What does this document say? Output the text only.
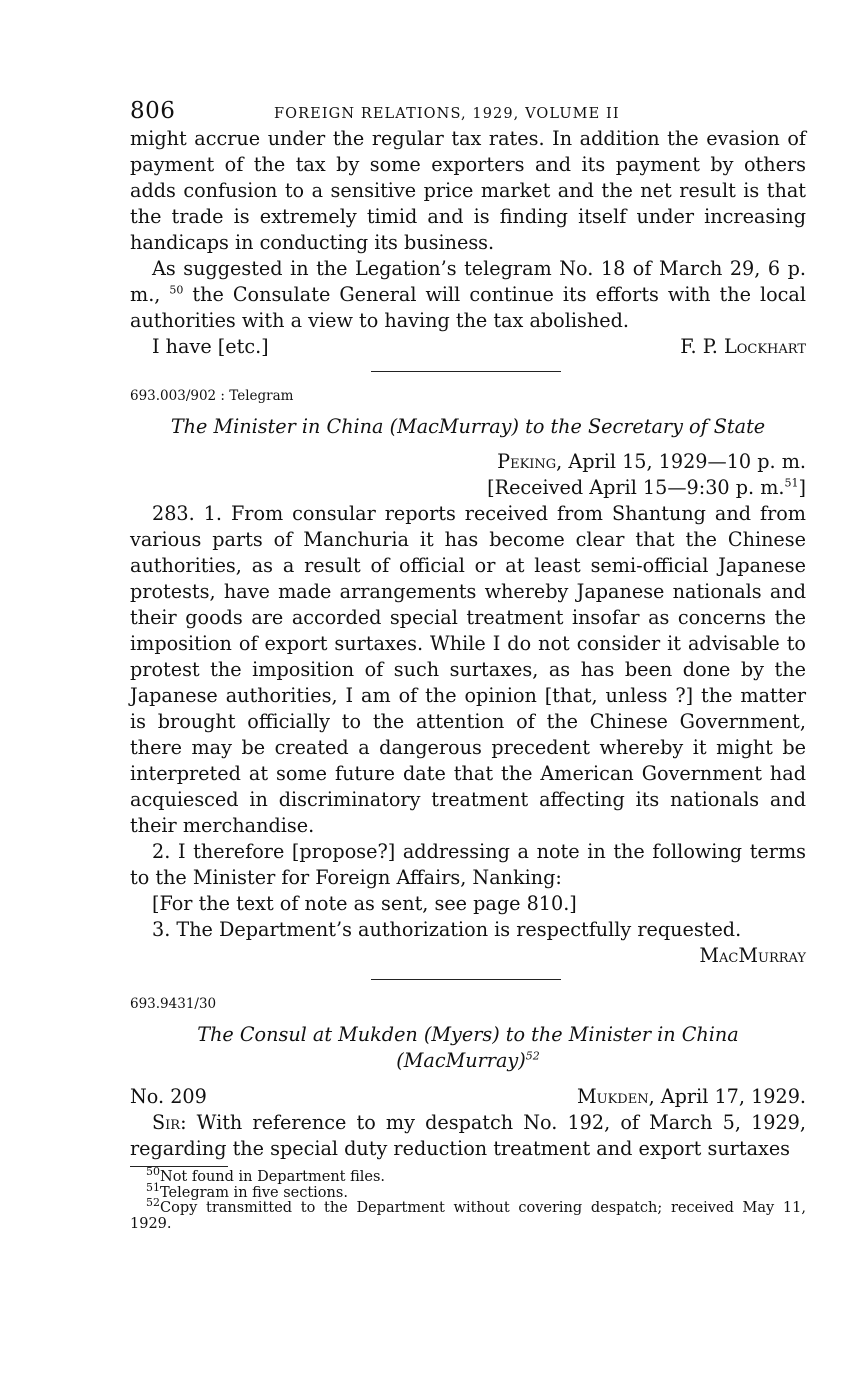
806	FOREIGN RELATIONS, 1929, VOLUME II

might accrue under the regular tax rates. In addition the evasion of payment of the tax by some exporters and its payment by others adds confusion to a sensitive price market and the net result is that the trade is extremely timid and is finding itself under increasing handicaps in conducting its business.

As suggested in the Legation’s telegram No. 18 of March 29, 6 p. m., $^{50}$ the Consulate General will continue its efforts with the local authorities with a view to having the tax abolished.

I have [etc.]	F. P. Lockhart
693.003/902 : Telegram
The Minister in China (MacMurray) to the Secretary of State
Peking, April 15, 1929—10 p. m.
[Received April 15—9:30 p. m.$^{51}$]

283. 1. From consular reports received from Shantung and from various parts of Manchuria it has become clear that the Chinese authorities, as a result of official or at least semi-official Japanese protests, have made arrangements whereby Japanese nationals and their goods are accorded special treatment insofar as concerns the imposition of export surtaxes. While I do not consider it advisable to protest the imposition of such surtaxes, as has been done by the Japanese authorities, I am of the opinion [that, unless ?] the matter is brought officially to the attention of the Chinese Government, there may be created a dangerous precedent whereby it might be interpreted at some future date that the American Government had acquiesced in discriminatory treatment affecting its nationals and their merchandise.

2. I therefore [propose?] addressing a note in the following terms to the Minister for Foreign Affairs, Nanking:

[For the text of note as sent, see page 810.]

3. The Department’s authorization is respectfully requested.

MacMurray
693.9431/30
The Consul at Mukden (Myers) to the Minister in China
(MacMurray)$^{52}$
No. 209	Mukden, April 17, 1929.

Sir: With reference to my despatch No. 192, of March 5, 1929, regarding the special duty reduction treatment and export surtaxes

$^{50}$Not found in Department files.

$^{51}$Telegram in five sections.

$^{52}$Copy transmitted to the Department without covering despatch; received May 11, 1929.
